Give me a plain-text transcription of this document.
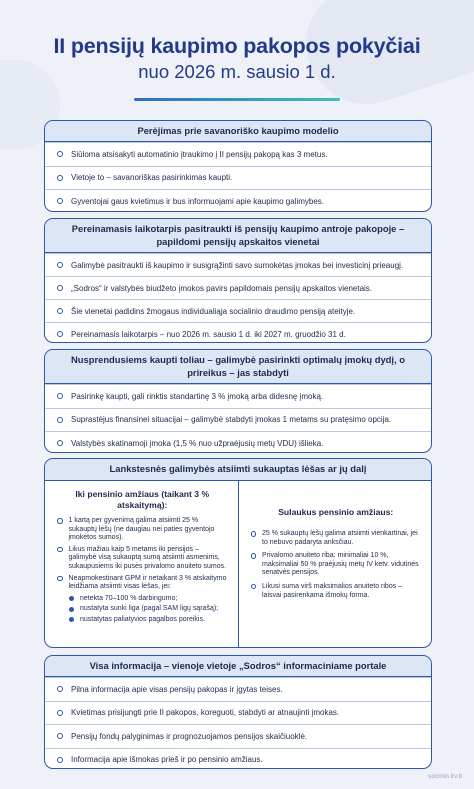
II pensijų kaupimo pakopos pokyčiai
nuo 2026 m. sausio 1 d.
Perėjimas prie savanoriško kaupimo modelio
Siūloma atsisakyti automatinio įtraukimo į II pensijų pakopą kas 3 metus.
Vietoje to – savanoriškas pasirinkimas kaupti.
Gyventojai gaus kvietimus ir bus informuojami apie kaupimo galimybes.
Pereinamasis laikotarpis pasitraukti iš pensijų kaupimo antroje pakopoje – papildomi pensijų apskaitos vienetai
Galimybė pasitraukti iš kaupimo ir susigrąžinti savo sumokėtas įmokas bei investicinį prieaugį.
„Sodros“ ir valstybės biudžeto įmokos pavirs papildomais pensijų apskaitos vienetais.
Šie vienetai padidins žmogaus individualiąja socialinio draudimo pensiją ateityje.
Pereinamasis laikotarpis – nuo 2026 m. sausio 1 d. iki 2027 m. gruodžio 31 d.
Nusprendusiems kaupti toliau – galimybė pasirinkti optimalų įmokų dydį, o prireikus – jas stabdyti
Pasirinkę kaupti, gali rinktis standartinę 3 % įmoką arba didesnę įmoką.
Suprastėjus finansinei situacijai – galimybė stabdyti įmokas 1 metams su pratęsimo opcija.
Valstybės skatinamoji įmoka (1,5 % nuo užpraėjusių metų VDU) išlieka.
Lankstesnės galimybės atsiimti sukauptas lėšas ar jų dalį
Iki pensinio amžiaus (taikant 3 % atskaitymą):
1 kartą per gyvenimą galima atsiimti 25 % sukauptų lėšų (ne daugiau nei paties gyventojo įmokėtos sumos).
Likus mažiau kaip 5 metams iki pensijos – galimybė visą sukauptą sumą atsiimti asmenims, sukaupusiems iki pusės privalomo anuiteto sumos.
Neapmokestinant GPM ir netaikant 3 % atskaitymo leidžiama atsiimti visas lėšas, jei:
netekta 70–100 % darbingumo;
nustatyta sunki liga (pagal SAM ligų sąrašą);
nustatytas paliatyvios pagalbos poreikis.
Sulaukus pensinio amžiaus:
25 % sukauptų lėšų galima atsiimti vienkartinai, jei to nebuvo padaryta anksčiau.
Privalomo anuiteto riba: minimaliai 10 %, maksimaliai 50 % praėjusių metų IV ketv. vidutinės senatvės pensijos.
Likusi suma virš maksimalios anuiteto ribos – laisvai pasirenkama išmokų forma.
Visa informacija – vienoje vietoje „Sodros“ informaciniame portale
Pilna informacija apie visas pensijų pakopas ir įgytas teises.
Kvietimas prisijungti prie II pakopos, koreguoti, stabdyti ar atnaujinti įmokas.
Pensijų fondų palyginimas ir prognozuojamos pensijos skaičiuoklė.
Informacija apie išmokas prieš ir po pensinio amžiaus.
socmin.lrv.lt
